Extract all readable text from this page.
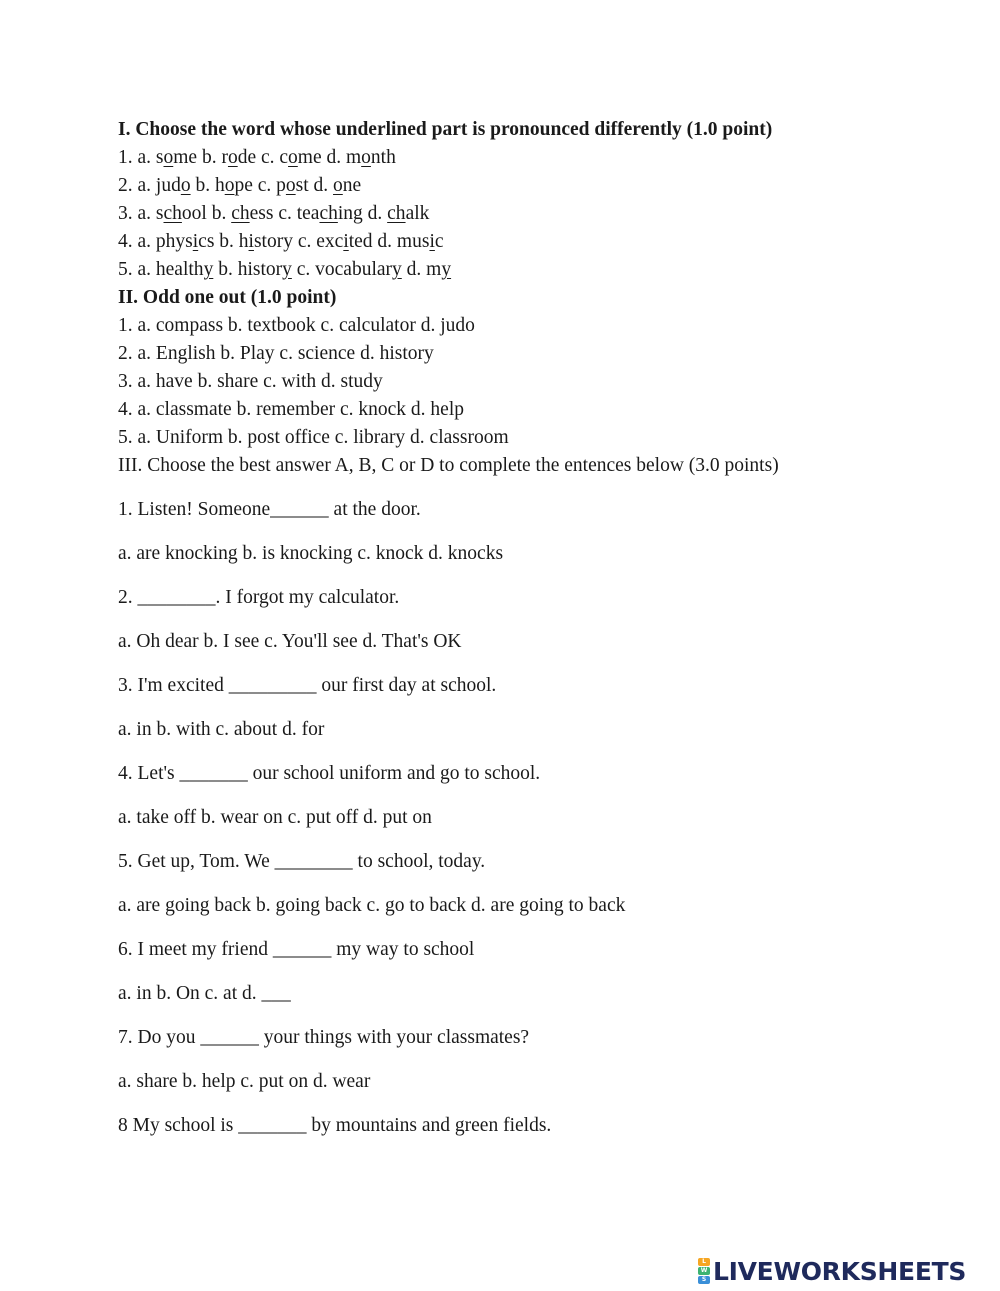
I. Choose the word whose underlined part is pronounced differently (1.0 point)
1. a. some b. rode c. come d. month
2. a. judo b. hope c. post d. one
3. a. school b. chess c. teaching d. chalk
4. a. physics b. history c. excited d. music
5. a. healthy b. history c. vocabulary d. my
II. Odd one out (1.0 point)
1. a. compass b. textbook c. calculator d. judo
2. a. English b. Play c. science d. history
3. a. have b. share c. with d. study
4. a. classmate b. remember c. knock d. help
5. a. Uniform b. post office c. library d. classroom
III. Choose the best answer A, B, C or D to complete the entences below (3.0 points)
1. Listen! Someone______ at the door.
a. are knocking b. is knocking c. knock d. knocks
2. ________. I forgot my calculator.
a. Oh dear b. I see c. You'll see d. That's OK
3. I'm excited _________ our first day at school.
a. in b. with c. about d. for
4. Let's _______ our school uniform and go to school.
a. take off b. wear on c. put off d. put on
5. Get up, Tom. We ________ to school, today.
a. are going back b. going back c. go to back d. are going to back
6. I meet my friend ______ my way to school
a. in b. On c. at d. ___
7. Do you ______ your things with your classmates?
a. share b. help c. put on d. wear
8 My school is _______ by mountains and green fields.
L
W
S LIVEWORKSHEETS
